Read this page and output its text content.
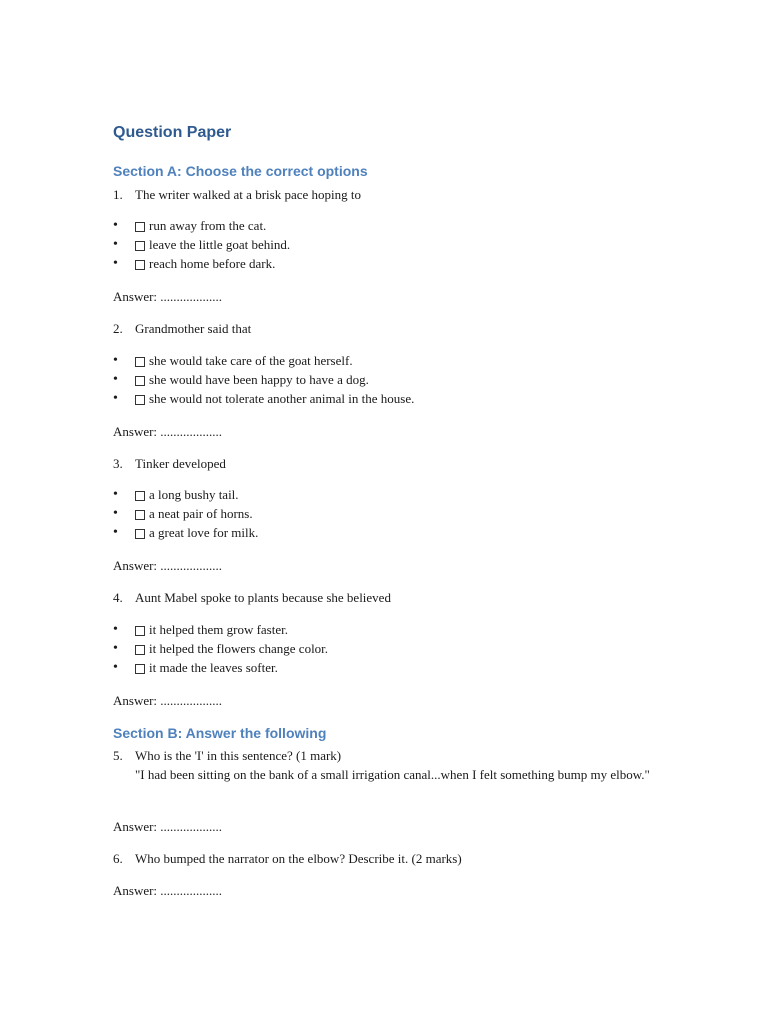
Question Paper
Section A: Choose the correct options
1. The writer walked at a brisk pace hoping to
•	run away from the cat.
•	leave the little goat behind.
•	reach home before dark.
Answer: ...................
2. Grandmother said that
•	she would take care of the goat herself.
•	she would have been happy to have a dog.
•	she would not tolerate another animal in the house.
Answer: ...................
3. Tinker developed
•	a long bushy tail.
•	a neat pair of horns.
•	a great love for milk.
Answer: ...................
4. Aunt Mabel spoke to plants because she believed
•	it helped them grow faster.
•	it helped the flowers change color.
•	it made the leaves softer.
Answer: ...................
Section B: Answer the following
5. Who is the 'I' in this sentence? (1 mark)
"I had been sitting on the bank of a small irrigation canal...when I felt something bump my elbow."
Answer: ...................
6. Who bumped the narrator on the elbow? Describe it. (2 marks)
Answer: ...................
